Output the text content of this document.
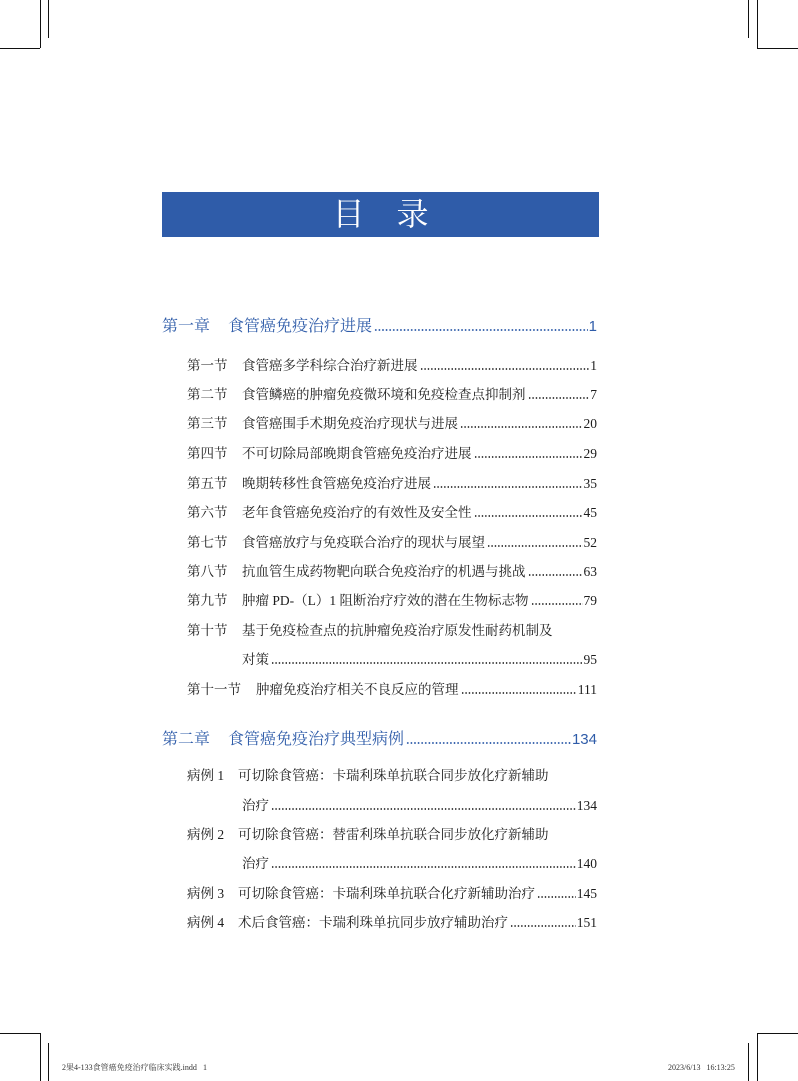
目　录
第一章	食管癌免疫治疗进展	1
第一节	食管癌多学科综合治疗新进展	1
第二节	食管鳞癌的肿瘤免疫微环境和免疫检查点抑制剂	7
第三节	食管癌围手术期免疫治疗现状与进展	20
第四节	不可切除局部晚期食管癌免疫治疗进展	29
第五节	晚期转移性食管癌免疫治疗进展	35
第六节	老年食管癌免疫治疗的有效性及安全性	45
第七节	食管癌放疗与免疫联合治疗的现状与展望	52
第八节	抗血管生成药物靶向联合免疫治疗的机遇与挑战	63
第九节	肿瘤 PD-（L）1 阻断治疗疗效的潜在生物标志物	79
第十节	基于免疫检查点的抗肿瘤免疫治疗原发性耐药机制及
对策	95
第十一节	肿瘤免疫治疗相关不良反应的管理	111
第二章	食管癌免疫治疗典型病例	134
病例 1	可切除食管癌：卡瑞利珠单抗联合同步放化疗新辅助
治疗	134
病例 2	可切除食管癌：替雷利珠单抗联合同步放化疗新辅助
治疗	140
病例 3	可切除食管癌：卡瑞利珠单抗联合化疗新辅助治疗	145
病例 4	术后食管癌：卡瑞利珠单抗同步放疗辅助治疗	151
2果4-133食管癌免疫治疗临床实践.indd 1	2023/6/13   16:13:25
